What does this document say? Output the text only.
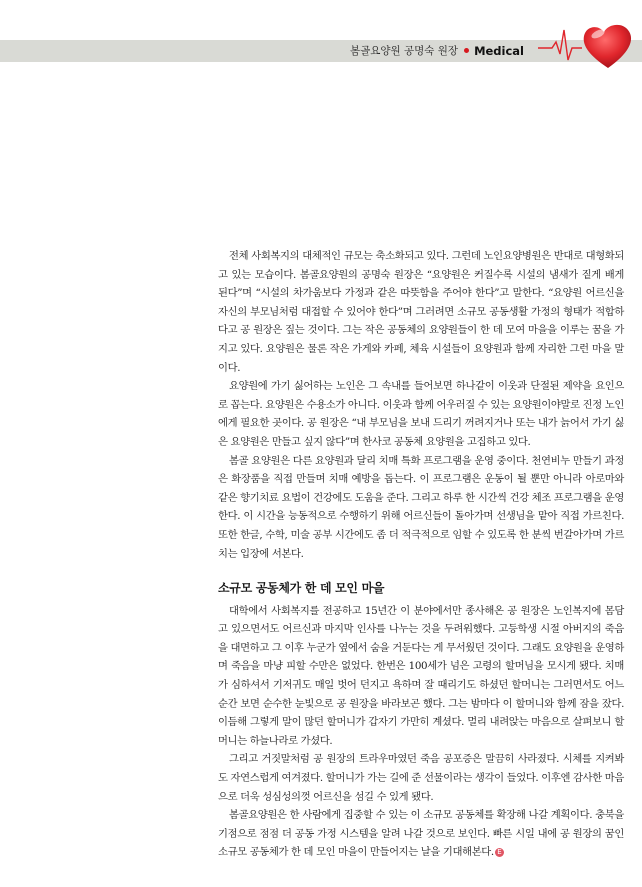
봄골요양원 공명숙 원장 Medical

전체 사회복지의 대체적인 규모는 축소화되고 있다. 그런데 노인요양병원은 반대로 대형화되고 있는 모습이다. 봄골요양원의 공명숙 원장은 “요양원은 커질수록 시설의 냄새가 짙게 배게 된다”며 “시설의 차가움보다 가정과 같은 따뜻함을 주어야 한다”고 말한다. “요양원 어르신을 자신의 부모님처럼 대접할 수 있어야 한다”며 그러려면 소규모 공동생활 가정의 형태가 적합하다고 공 원장은 짚는 것이다. 그는 작은 공동체의 요양원들이 한 데 모여 마을을 이루는 꿈을 가지고 있다. 요양원은 물론 작은 가게와 카페, 체육 시설들이 요양원과 함께 자리한 그런 마을 말이다.

요양원에 가기 싫어하는 노인은 그 속내를 들어보면 하나같이 이웃과 단절된 제약을 요인으로 꼽는다. 요양원은 수용소가 아니다. 이웃과 함께 어우러질 수 있는 요양원이야말로 진정 노인에게 필요한 곳이다. 공 원장은 “내 부모님을 보내 드리기 꺼려지거나 또는 내가 늙어서 가기 싫은 요양원은 만들고 싶지 않다”며 한사코 공동체 요양원을 고집하고 있다.

봄골 요양원은 다른 요양원과 달리 치매 특화 프로그램을 운영 중이다. 천연비누 만들기 과정은 화장품을 직접 만들며 치매 예방을 돕는다. 이 프로그램은 운동이 될 뿐만 아니라 아로마와 같은 향기치료 요법이 건강에도 도움을 준다. 그리고 하루 한 시간씩 건강 체조 프로그램을 운영한다. 이 시간을 능동적으로 수행하기 위해 어르신들이 돌아가며 선생님을 맡아 직접 가르친다. 또한 한글, 수학, 미술 공부 시간에도 좀 더 적극적으로 임할 수 있도록 한 분씩 번갈아가며 가르치는 입장에 서본다.

소규모 공동체가 한 데 모인 마을

대학에서 사회복지를 전공하고 15년간 이 분야에서만 종사해온 공 원장은 노인복지에 몸담고 있으면서도 어르신과 마지막 인사를 나누는 것을 두려워했다. 고등학생 시절 아버지의 죽음을 대면하고 그 이후 누군가 옆에서 숨을 거둔다는 게 무서웠던 것이다. 그래도 요양원을 운영하며 죽음을 마냥 피할 수만은 없었다. 한번은 100세가 넘은 고령의 할머님을 모시게 됐다. 치매가 심하셔서 기저귀도 매일 벗어 던지고 욕하며 잘 때리기도 하셨던 할머니는 그러면서도 어느 순간 보면 순수한 눈빛으로 공 원장을 바라보곤 했다. 그는 밤마다 이 할머니와 함께 잠을 잤다. 이듬해 그렇게 말이 많던 할머니가 갑자기 가만히 계셨다. 멀리 내려앉는 마음으로 살펴보니 할머니는 하늘나라로 가셨다.

그리고 거짓말처럼 공 원장의 트라우마였던 죽음 공포증은 말끔히 사라졌다. 시체를 지켜봐도 자연스럽게 여겨졌다. 할머니가 가는 길에 준 선물이라는 생각이 들었다. 이후엔 감사한 마음으로 더욱 성심성의껏 어르신을 섬길 수 있게 됐다.

봄골요양원은 한 사람에게 집중할 수 있는 이 소규모 공동체를 확장해 나갈 계획이다. 충북을 기점으로 점점 더 공동 가정 시스템을 알려 나갈 것으로 보인다. 빠른 시일 내에 공 원장의 꿈인 소규모 공동체가 한 데 모인 마을이 만들어지는 날을 기대해본다. E
